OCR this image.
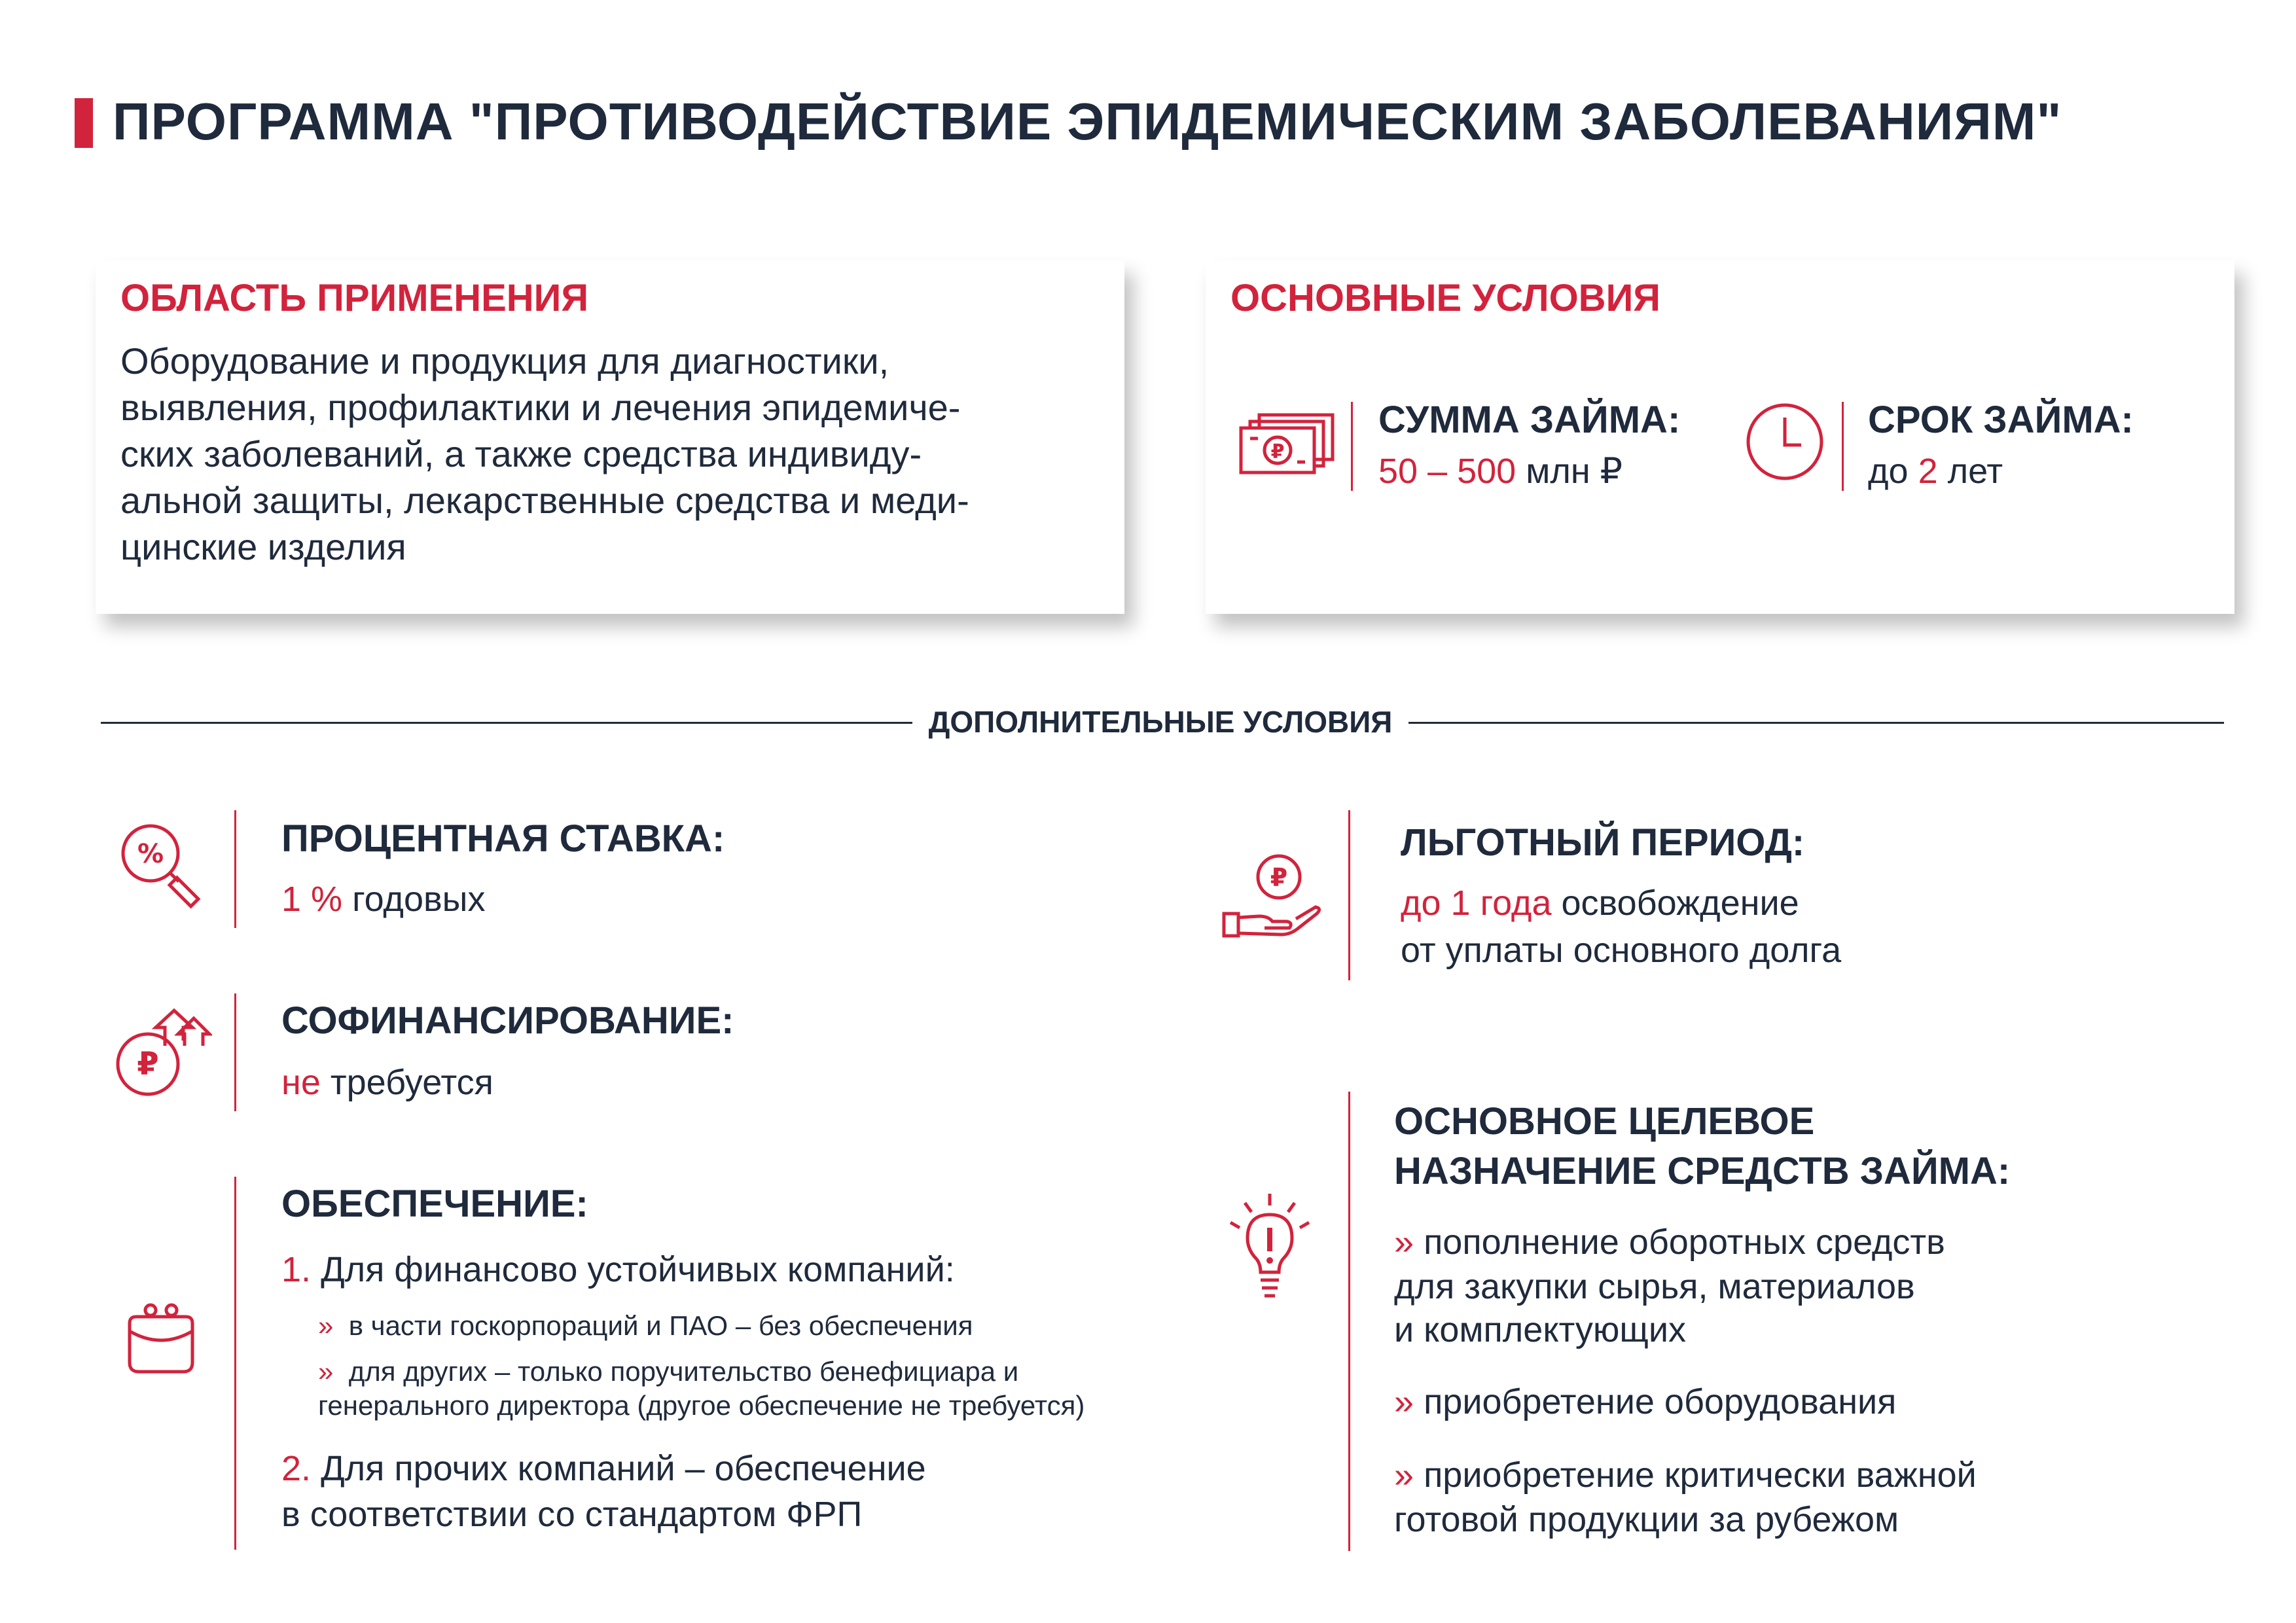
ПРОГРАММА "ПРОТИВОДЕЙСТВИЕ ЭПИДЕМИЧЕСКИМ ЗАБОЛЕВАНИЯМ"
ОБЛАСТЬ ПРИМЕНЕНИЯ
Оборудование и продукция для диагностики,
выявления, профилактики и лечения эпидемиче-
ских заболеваний, а также средства индивиду-
альной защиты, лекарственные средства и меди-
цинские изделия
ОСНОВНЫЕ УСЛОВИЯ
₽
СУММА ЗАЙМА:
50 – 500 млн ₽
СРОК ЗАЙМА:
до 2 лет
ДОПОЛНИТЕЛЬНЫЕ УСЛОВИЯ
%	ПРОЦЕНТНАЯ СТАВКА:
1 % годовых
₽
СОФИНАНСИРОВАНИЕ:
не требуется
ОБЕСПЕЧЕНИЕ:
1. Для финансово устойчивых компаний:
» в части госкорпораций и ПАО – без обеспечения
» для других – только поручительство бенефициара и
генерального директора (другое обеспечение не требуется)
2. Для прочих компаний – обеспечение
в соответствии со стандартом ФРП
₽
ЛЬГОТНЫЙ ПЕРИОД:
до 1 года освобождение
от уплаты основного долга
ОСНОВНОЕ ЦЕЛЕВОЕ
НАЗНАЧЕНИЕ СРЕДСТВ ЗАЙМА:
» пополнение оборотных средств
для закупки сырья, материалов
и комплектующих
» приобретение оборудования
» приобретение критически важной
готовой продукции за рубежом
